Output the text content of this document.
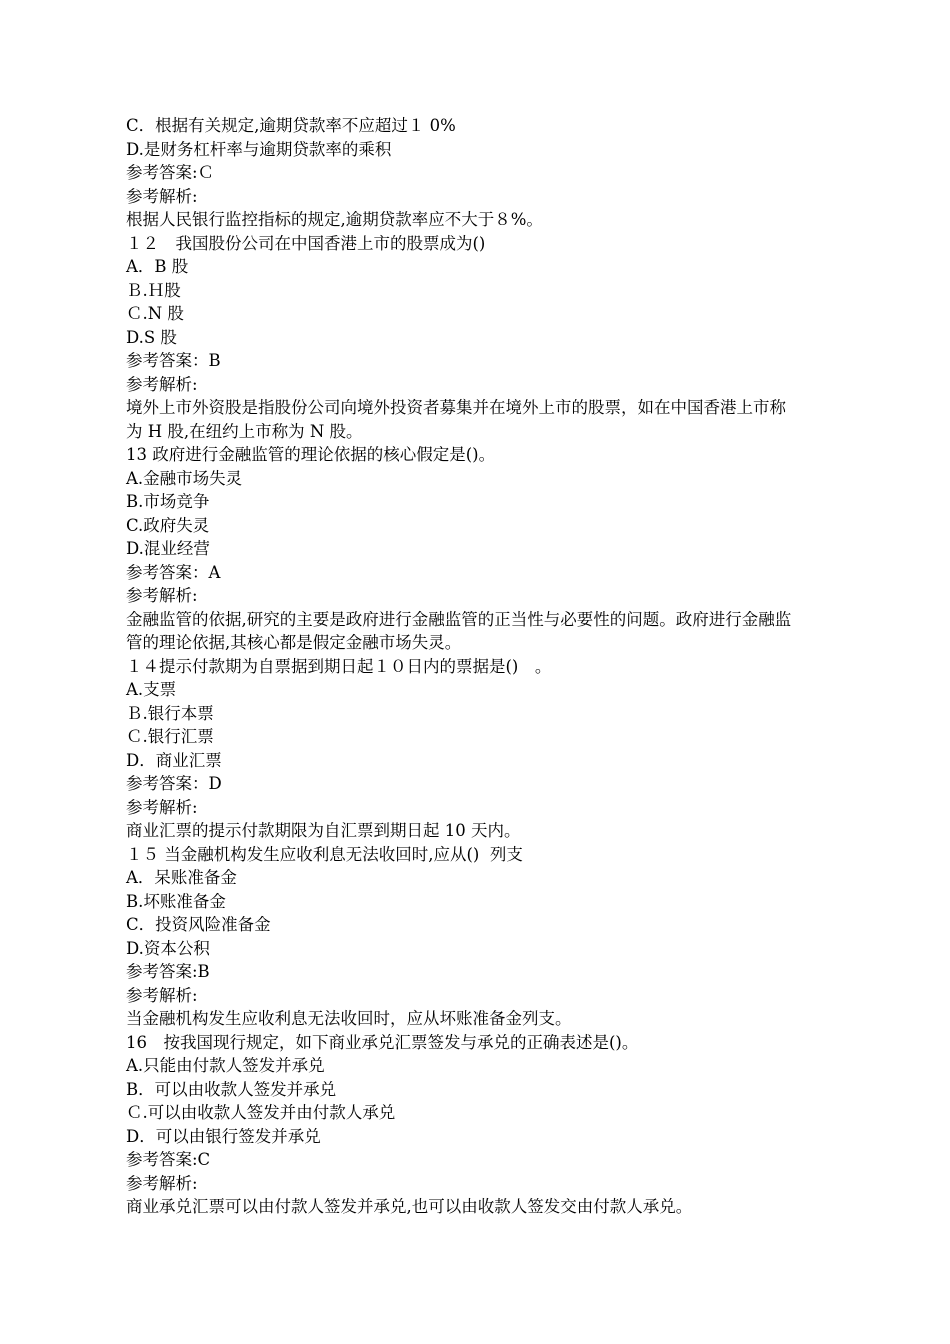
C．根据有关规定,逾期贷款率不应超过１ 0%
D.是财务杠杆率与逾期贷款率的乘积
参考答案:Ｃ
参考解析:
根据人民银行监控指标的规定,逾期贷款率应不大于８%。
１２　我国股份公司在中国香港上市的股票成为()
A．B 股
Ｂ.Ｈ股
Ｃ.N 股
D.S 股
参考答案：B
参考解析:
境外上市外资股是指股份公司向境外投资者募集并在境外上市的股票，如在中国香港上市称
为 H 股,在纽约上市称为 N 股。
13 政府进行金融监管的理论依据的核心假定是()。
A.金融市场失灵
B.市场竞争
C.政府失灵
D.混业经营
参考答案：A
参考解析:
金融监管的依据,研究的主要是政府进行金融监管的正当性与必要性的问题。政府进行金融监
管的理论依据,其核心都是假定金融市场失灵。
１４提示付款期为自票据到期日起１０日内的票据是()　。
A.支票
Ｂ.银行本票
Ｃ.银行汇票
D．商业汇票
参考答案：D
参考解析:
商业汇票的提示付款期限为自汇票到期日起 10 天内。
１５ 当金融机构发生应收利息无法收回时,应从()  列支
A．呆账准备金
B.坏账准备金
C．投资风险准备金
D.资本公积
参考答案:B
参考解析:
当金融机构发生应收利息无法收回时，应从坏账准备金列支。
16　按我国现行规定，如下商业承兑汇票签发与承兑的正确表述是()。
A.只能由付款人签发并承兑
B．可以由收款人签发并承兑
Ｃ.可以由收款人签发并由付款人承兑
D．可以由银行签发并承兑
参考答案:C
参考解析:
商业承兑汇票可以由付款人签发并承兑,也可以由收款人签发交由付款人承兑。
